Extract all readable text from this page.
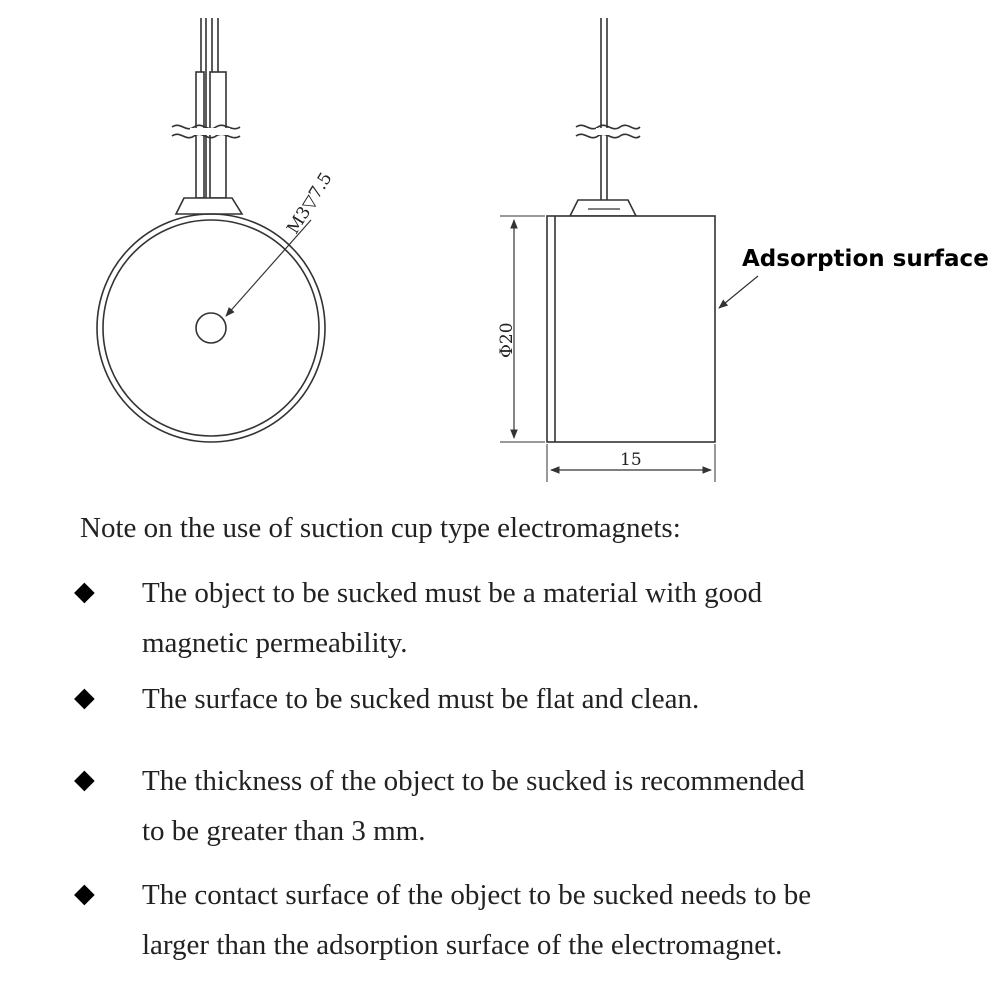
M3▽7.5
Φ20
15
Adsorption surface
Note on the use of suction cup type electromagnets:
◆ The object to be sucked must be a material with good
magnetic permeability.
◆ The surface to be sucked must be flat and clean.
◆ The thickness of the object to be sucked is recommended
to be greater than 3 mm.
◆ The contact surface of the object to be sucked needs to be
larger than the adsorption surface of the electromagnet.
